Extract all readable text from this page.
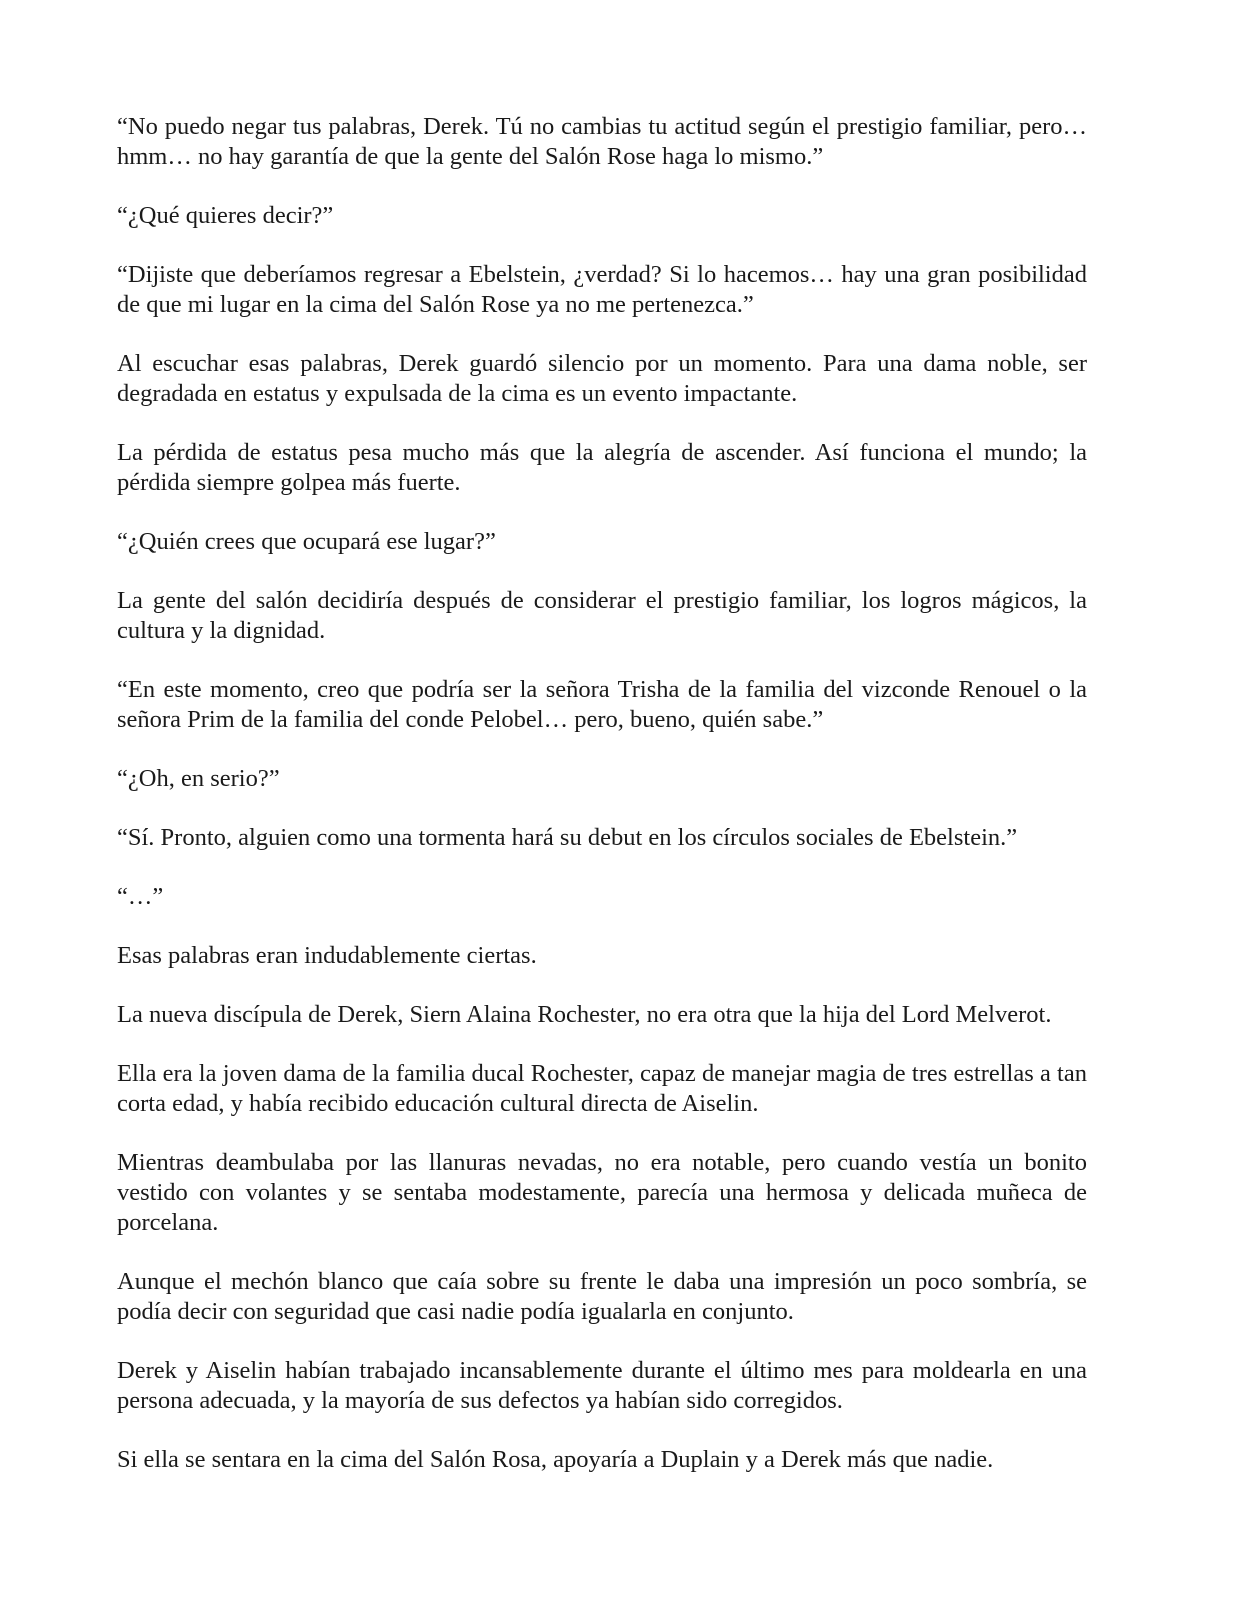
“No puedo negar tus palabras, Derek. Tú no cambias tu actitud según el prestigio familiar, pero… hmm… no hay garantía de que la gente del Salón Rose haga lo mismo.”

“¿Qué quieres decir?”

“Dijiste que deberíamos regresar a Ebelstein, ¿verdad? Si lo hacemos… hay una gran posibilidad de que mi lugar en la cima del Salón Rose ya no me pertenezca.”

Al escuchar esas palabras, Derek guardó silencio por un momento. Para una dama noble, ser degradada en estatus y expulsada de la cima es un evento impactante.

La pérdida de estatus pesa mucho más que la alegría de ascender. Así funciona el mundo; la pérdida siempre golpea más fuerte.

“¿Quién crees que ocupará ese lugar?”

La gente del salón decidiría después de considerar el prestigio familiar, los logros mágicos, la cultura y la dignidad.

“En este momento, creo que podría ser la señora Trisha de la familia del vizconde Renouel o la señora Prim de la familia del conde Pelobel… pero, bueno, quién sabe.”

“¿Oh, en serio?”

“Sí. Pronto, alguien como una tormenta hará su debut en los círculos sociales de Ebelstein.”

“…”

Esas palabras eran indudablemente ciertas.

La nueva discípula de Derek, Siern Alaina Rochester, no era otra que la hija del Lord Melverot.

Ella era la joven dama de la familia ducal Rochester, capaz de manejar magia de tres estrellas a tan corta edad, y había recibido educación cultural directa de Aiselin.

Mientras deambulaba por las llanuras nevadas, no era notable, pero cuando vestía un bonito vestido con volantes y se sentaba modestamente, parecía una hermosa y delicada muñeca de porcelana.

Aunque el mechón blanco que caía sobre su frente le daba una impresión un poco sombría, se podía decir con seguridad que casi nadie podía igualarla en conjunto.

Derek y Aiselin habían trabajado incansablemente durante el último mes para moldearla en una persona adecuada, y la mayoría de sus defectos ya habían sido corregidos.

Si ella se sentara en la cima del Salón Rosa, apoyaría a Duplain y a Derek más que nadie.
